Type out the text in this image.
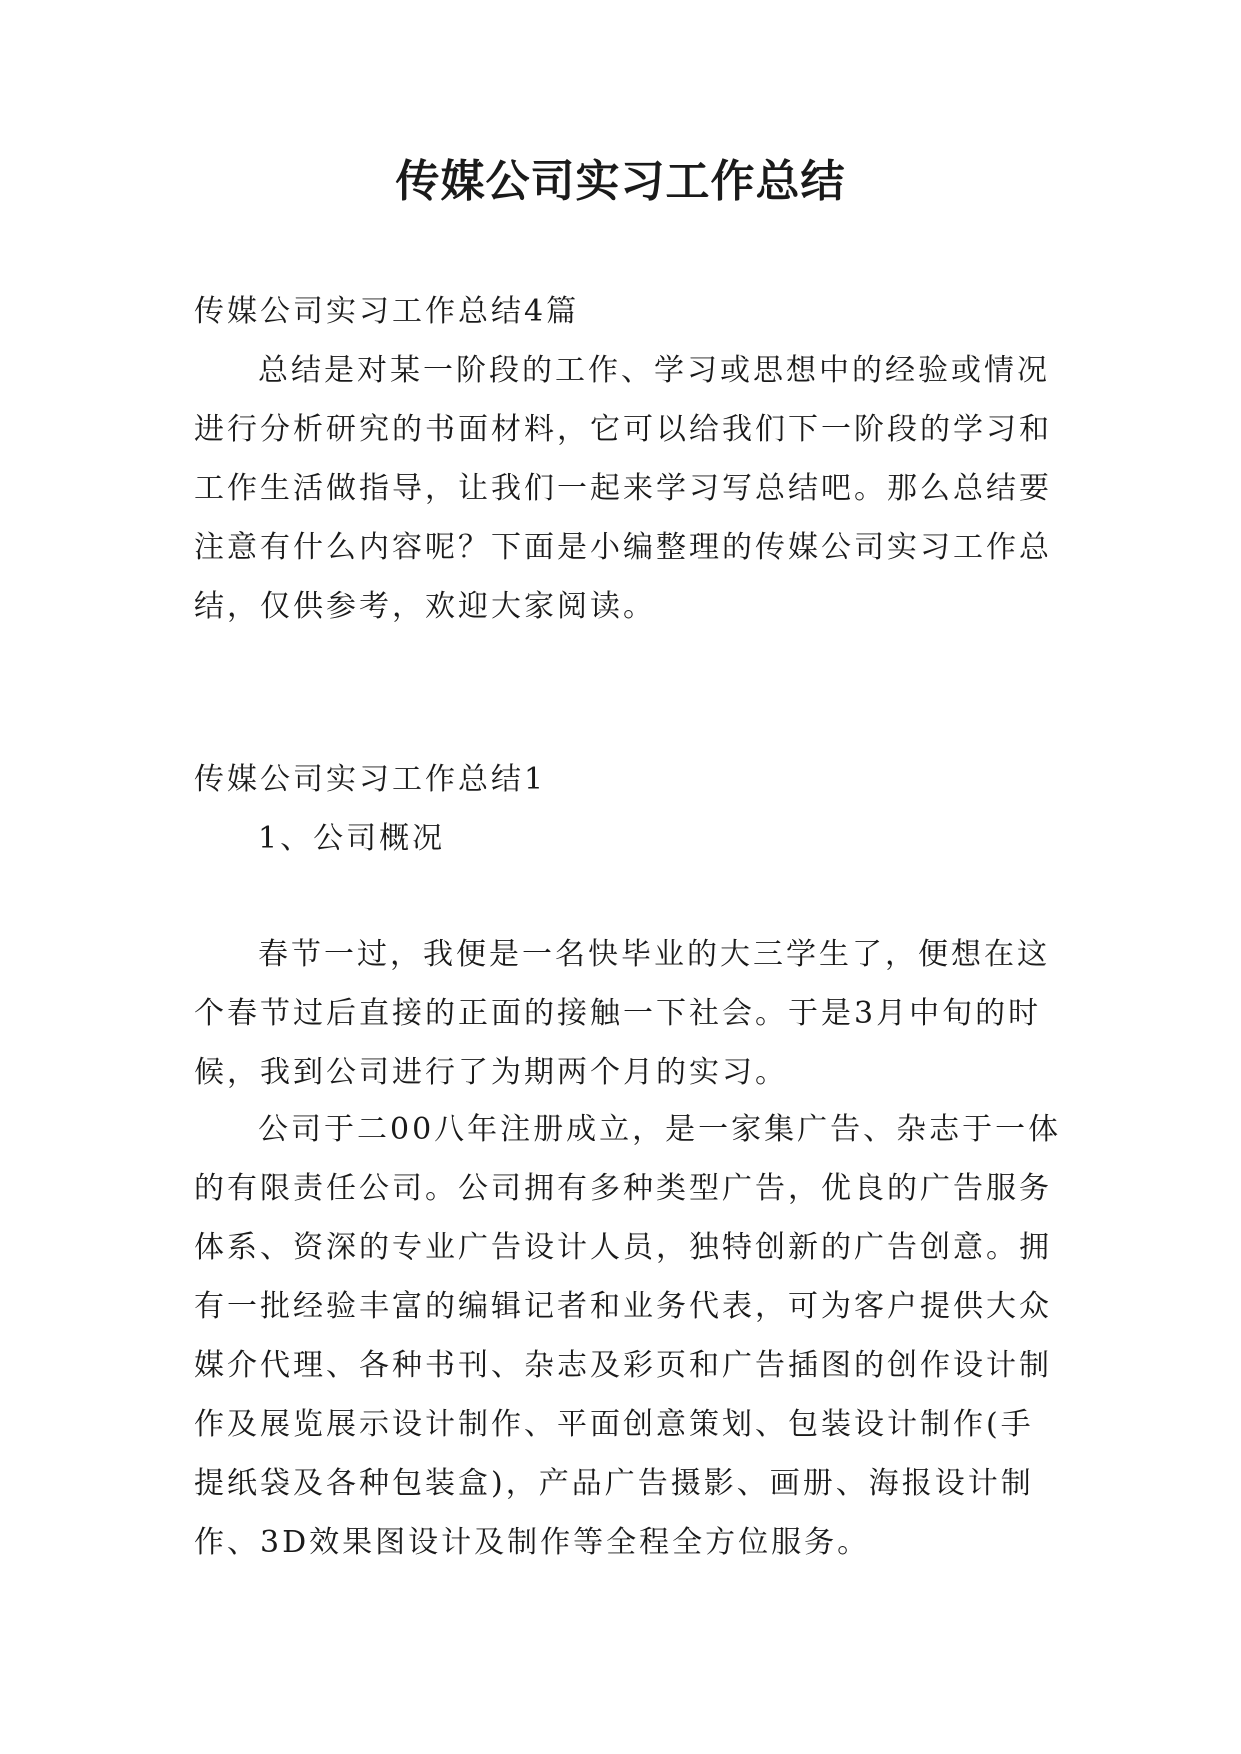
传媒公司实习工作总结

传媒公司实习工作总结4篇

总结是对某一阶段的工作、学习或思想中的经验或情况进行分析研究的书面材料，它可以给我们下一阶段的学习和工作生活做指导，让我们一起来学习写总结吧。那么总结要注意有什么内容呢？下面是小编整理的传媒公司实习工作总结，仅供参考，欢迎大家阅读。

传媒公司实习工作总结1

1、公司概况

春节一过，我便是一名快毕业的大三学生了，便想在这个春节过后直接的正面的接触一下社会。于是3月中旬的时候，我到公司进行了为期两个月的实习。

公司于二00八年注册成立，是一家集广告、杂志于一体的有限责任公司。公司拥有多种类型广告，优良的广告服务体系、资深的专业广告设计人员，独特创新的广告创意。拥有一批经验丰富的编辑记者和业务代表，可为客户提供大众媒介代理、各种书刊、杂志及彩页和广告插图的创作设计制作及展览展示设计制作、平面创意策划、包装设计制作(手提纸袋及各种包装盒)，产品广告摄影、画册、海报设计制作、3D效果图设计及制作等全程全方位服务。
